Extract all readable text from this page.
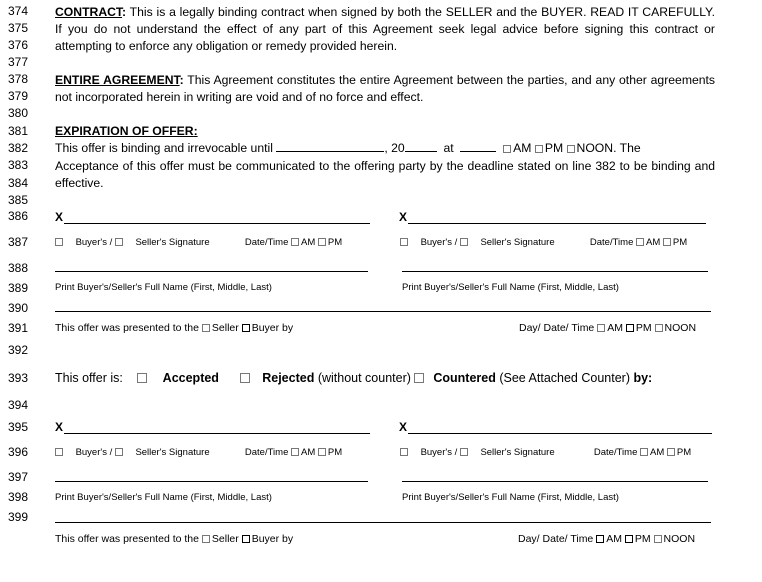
374
375
376
377
378
379
380
381
382
383
384
385
386
387
388
389
390
391
392
393
394
395
396
397
398
399
CONTRACT: This is a legally binding contract when signed by both the SELLER and the BUYER. READ IT CAREFULLY. If you do not understand the effect of any part of this Agreement seek legal advice before signing this contract or attempting to enforce any obligation or remedy provided herein.
ENTIRE AGREEMENT: This Agreement constitutes the entire Agreement between the parties, and any other agreements not incorporated herein in writing are void and of no force and effect.
EXPIRATION OF OFFER:
This offer is binding and irrevocable until	, 20	at	AM PM NOON. The
Acceptance of this offer must be communicated to the offering party by the deadline stated on line 382 to be binding and effective.
X	X
Buyer's / Seller's Signature	Date/Time AM PM	Buyer's / Seller's Signature	Date/Time AM PM
Print Buyer's/Seller's Full Name (First, Middle, Last)	Print Buyer's/Seller's Full Name (First, Middle, Last)
This offer was presented to the Seller Buyer by	Day/ Date/ Time AM PM NOON
This offer is:	Accepted	Rejected (without counter) Countered (See Attached Counter) by:
X	X
Buyer's / Seller's Signature	Date/Time AM PM	Buyer's / Seller's Signature	Date/Time AM PM
Print Buyer's/Seller's Full Name (First, Middle, Last)	Print Buyer's/Seller's Full Name (First, Middle, Last)
This offer was presented to the Seller Buyer by	Day/ Date/ Time AM PM NOON
